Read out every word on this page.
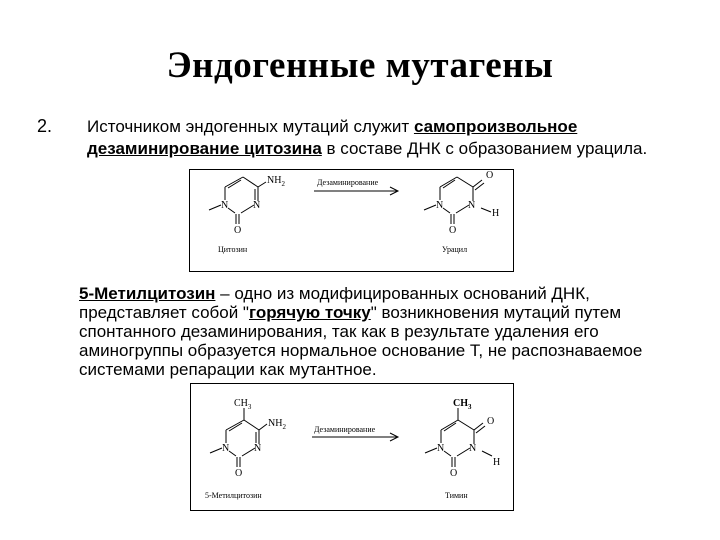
Эндогенные мутагены
2. Источником эндогенных мутаций служит самопроизвольное дезаминирование цитозина в составе ДНК с образованием урацила.
N N
$NH_2$
O
N N
O
O
H
Дезаминирование
Цитозин	Урацил
5-Метилцитозин – одно из модифицированных оснований ДНК, представляет собой "горячую точку" возникновения мутаций путем спонтанного дезаминирования, так как в результате удаления его аминогруппы образуется нормальное основание Т, не распознаваемое системами репарации как мутантное.
$CH_3$
N N
$NH_2$
O
$CH_3$
N N
O
O
H
Дезаминирование
5-Метилцитозин	Тимин
